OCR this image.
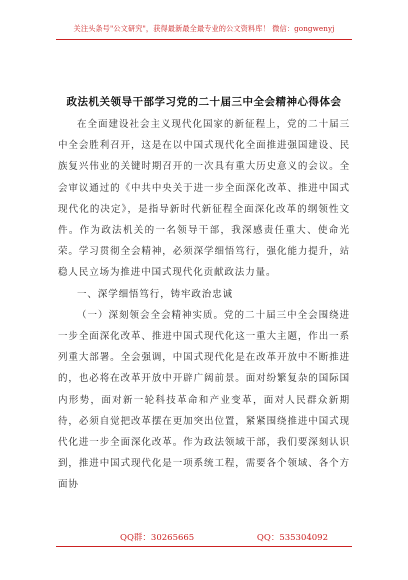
关注头条号"公文研究"，获得最新最全最专业的公文资料库！ 微信：gongwenyj
政法机关领导干部学习党的二十届三中全会精神心得体会

在全面建设社会主义现代化国家的新征程上，党的二十届三中全会胜利召开，这是在以中国式现代化全面推进强国建设、民族复兴伟业的关键时期召开的一次具有重大历史意义的会议。全会审议通过的《中共中央关于进一步全面深化改革、推进中国式现代化的决定》，是指导新时代新征程全面深化改革的纲领性文件。作为政法机关的一名领导干部，我深感责任重大、使命光荣。学习贯彻全会精神，必须深学细悟笃行，强化能力提升，站稳人民立场为推进中国式现代化贡献政法力量。

一、深学细悟笃行，铸牢政治忠诚

（一）深刻领会全会精神实质。党的二十届三中全会围绕进一步全面深化改革、推进中国式现代化这一重大主题，作出一系列重大部署。全会强调，中国式现代化是在改革开放中不断推进的，也必将在改革开放中开辟广阔前景。面对纷繁复杂的国际国内形势，面对新一轮科技革命和产业变革，面对人民群众新期待，必须自觉把改革摆在更加突出位置，紧紧围绕推进中国式现代化进一步全面深化改革。作为政法领域干部，我们要深刻认识到，推进中国式现代化是一项系统工程，需要各个领域、各个方面协

QQ群：30265665	QQ：535304092
